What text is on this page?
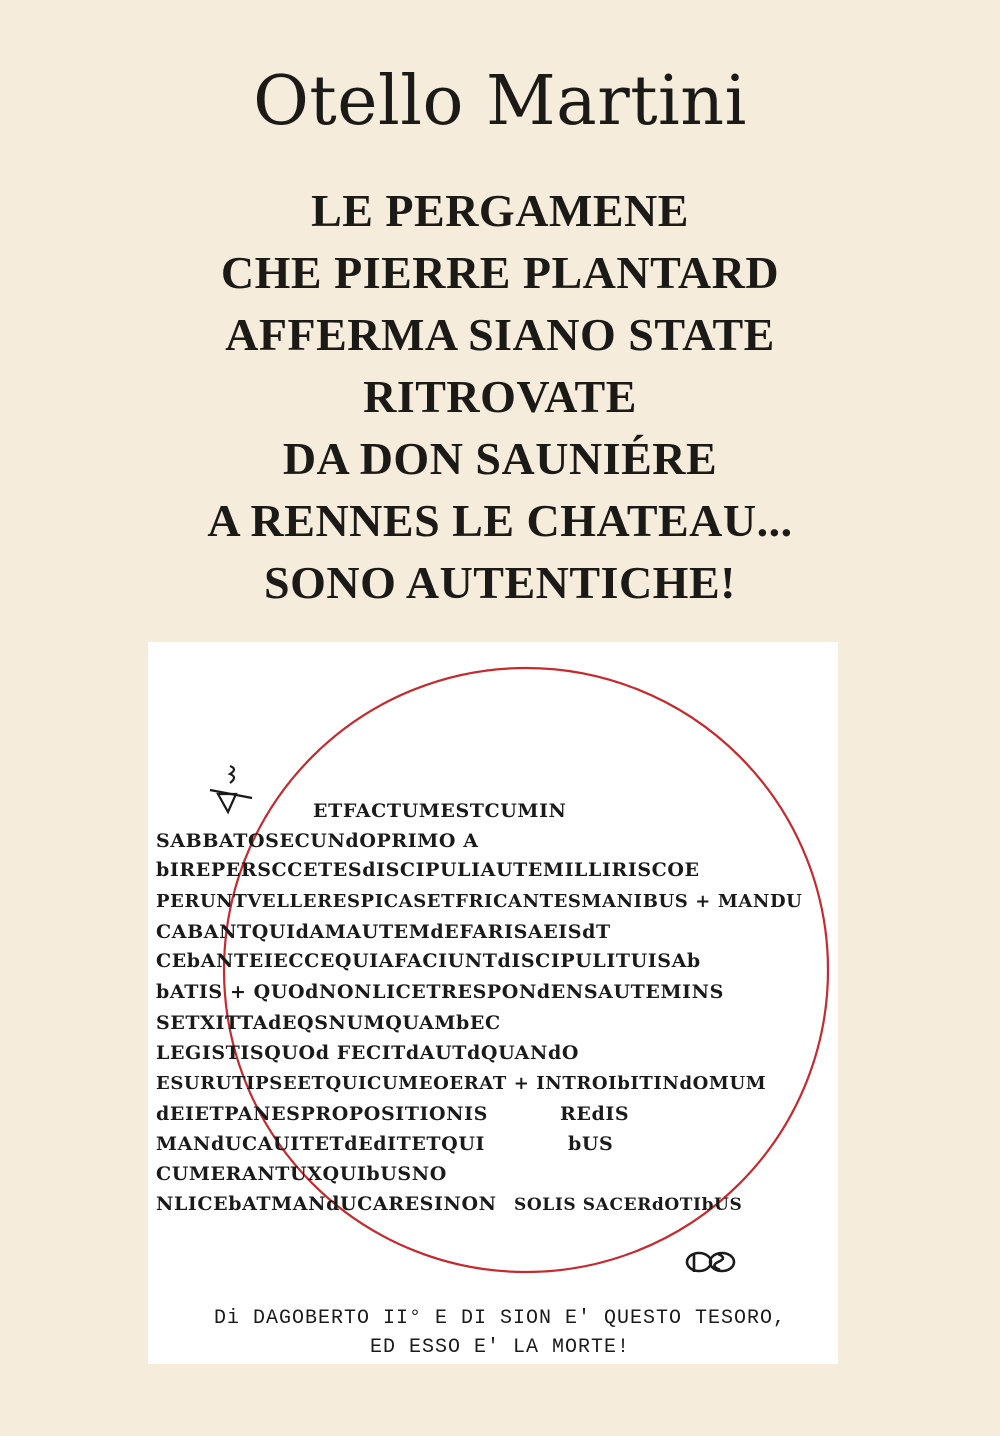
Otello Martini
LE PERGAMENE
CHE PIERRE PLANTARD
AFFERMA SIANO STATE
RITROVATE
DA DON SAUNIÉRE
A RENNES LE CHATEAU...
SONO AUTENTICHE!
ETFACTUMESTCUMIN
SABBATOSECUNdOPRIMO A
bIREPERSCCETESdISCIPULIAUTEMILLIRISCOE
PERUNTVELLERESPICASETFRICANTESMANIBUS + MANDU
CABANTQUIdAMAUTEMdEFARISAEISdT
CEbANTEIECCEQUIAFACIUNTdISCIPULITUISAb
bATIS + QUOdNONLICETRESPONdENSAUTEMINS
SETXITTAdEQSNUMQUAMbEC
LEGISTISQUOd FECITdAUTdQUANdO
ESURUTIPSEETQUICUMEOERAT + INTROIbITINdOMUM
dEIETPANESPROPOSITIONIS	REdIS
MANdUCAUITETdEdITETQUI	bUS
CUMERANTUXQUIbUSNO
NLICEbATMANdUCARESINON SOLIS SACERdOTIbUS
Di DAGOBERTO II° E DI SION E' QUESTO TESORO,
ED ESSO E' LA MORTE!
